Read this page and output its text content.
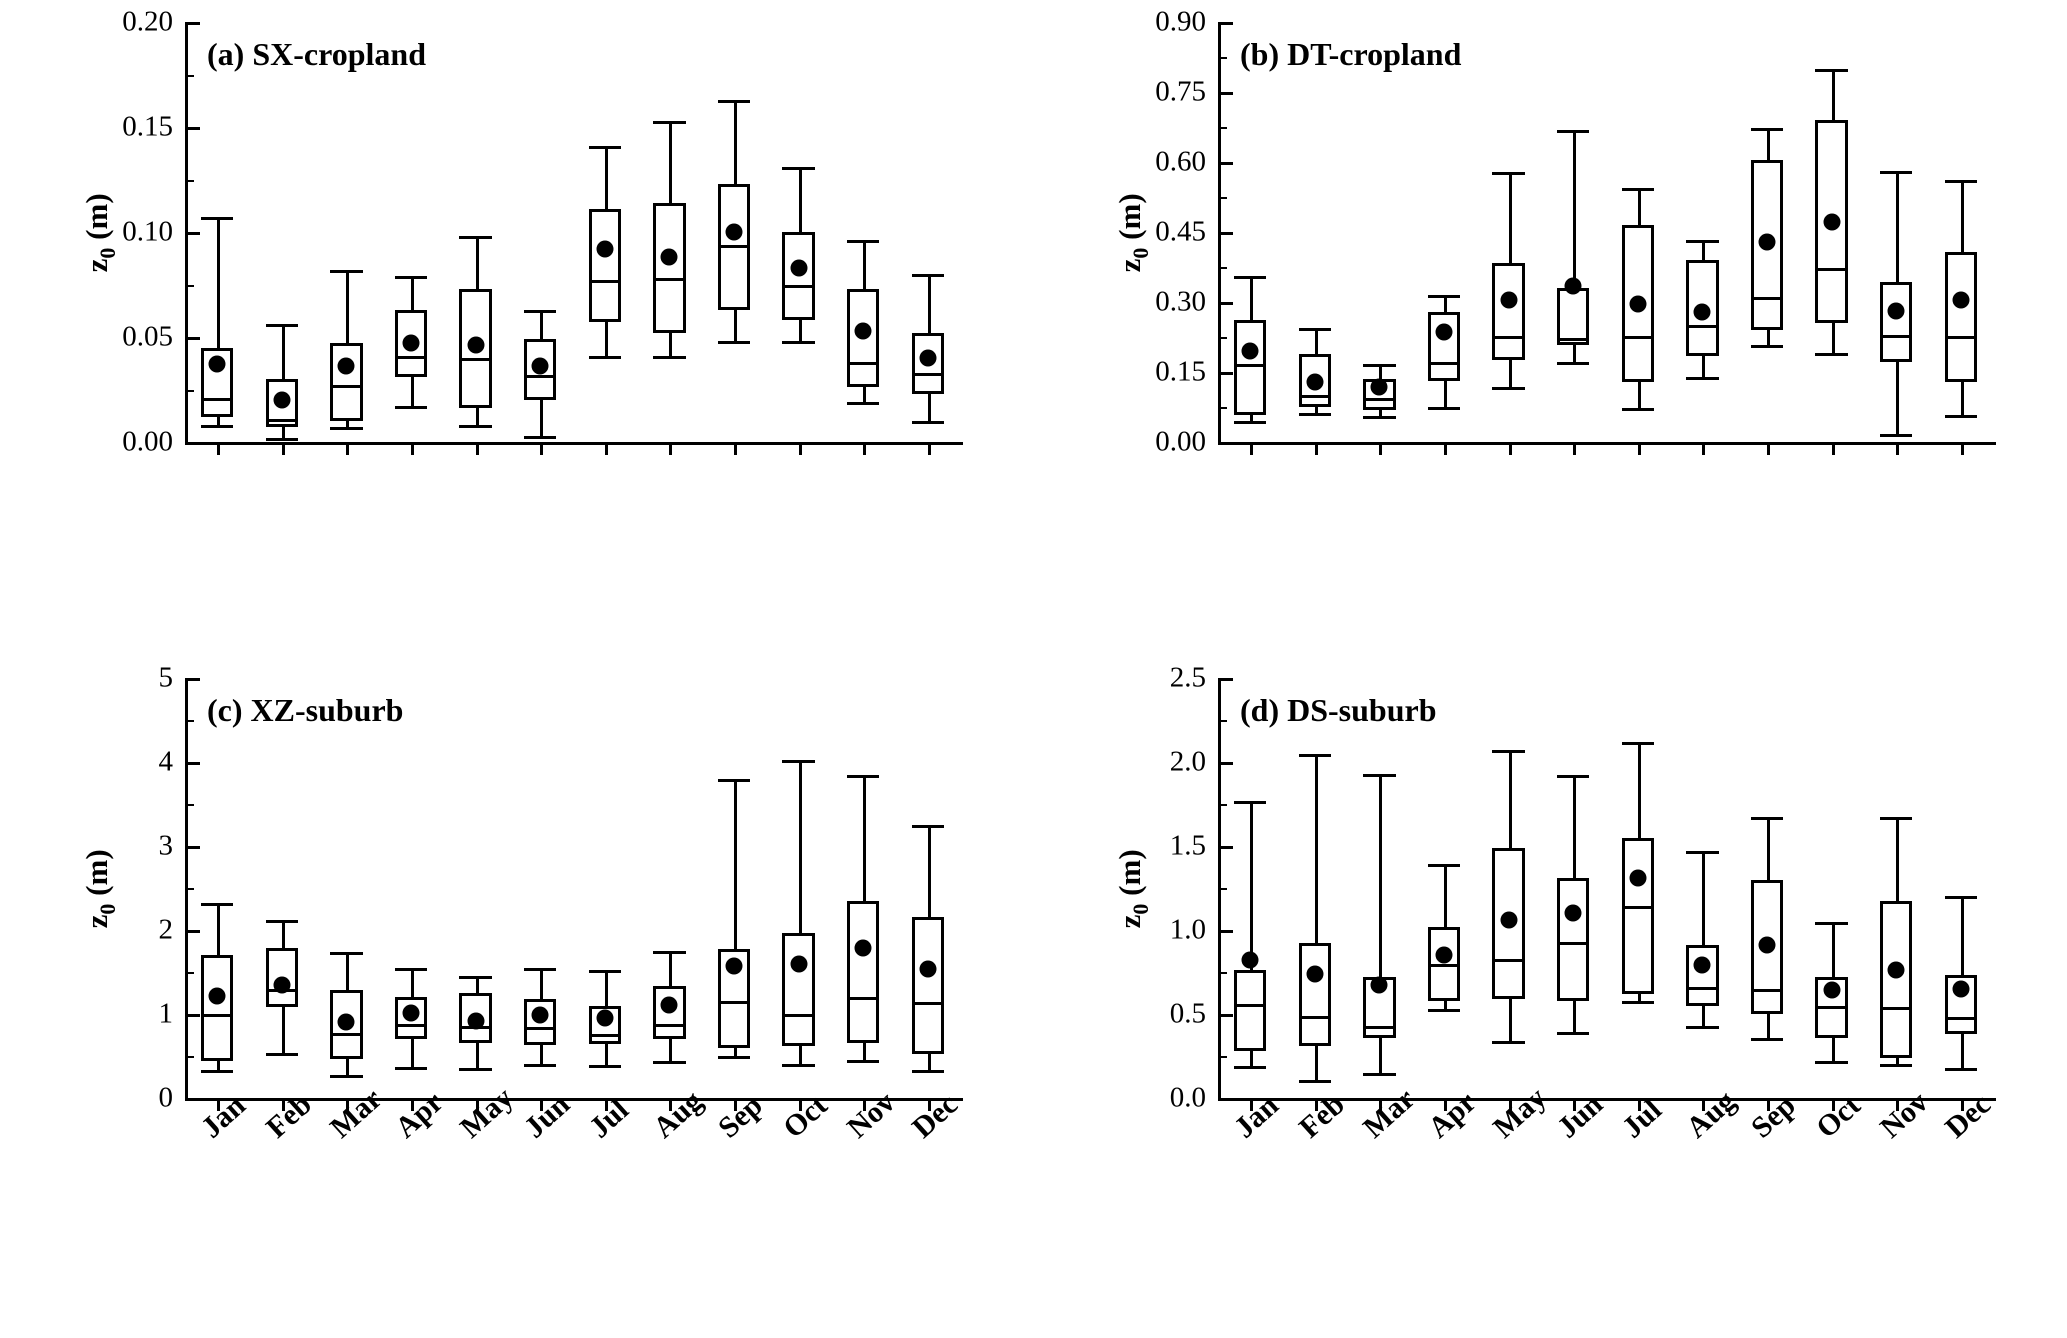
$z_0$ (m)
(a) SX-cropland
0.00
0.05
0.10
0.15
0.20
$z_0$ (m)
(b) DT-cropland
0.00
0.15
0.30
0.45
0.60
0.75
0.90
$z_0$ (m)
(c) XZ-suburb
0
1
2
3
4
5
Jan Feb Mar Apr May Jun Jul Aug Sep Oct Nov Dec
$z_0$ (m)
(d) DS-suburb
0.0
0.5
1.0
1.5
2.0
2.5
Jan Feb Mar Apr May Jun Jul Aug Sep Oct Nov Dec
